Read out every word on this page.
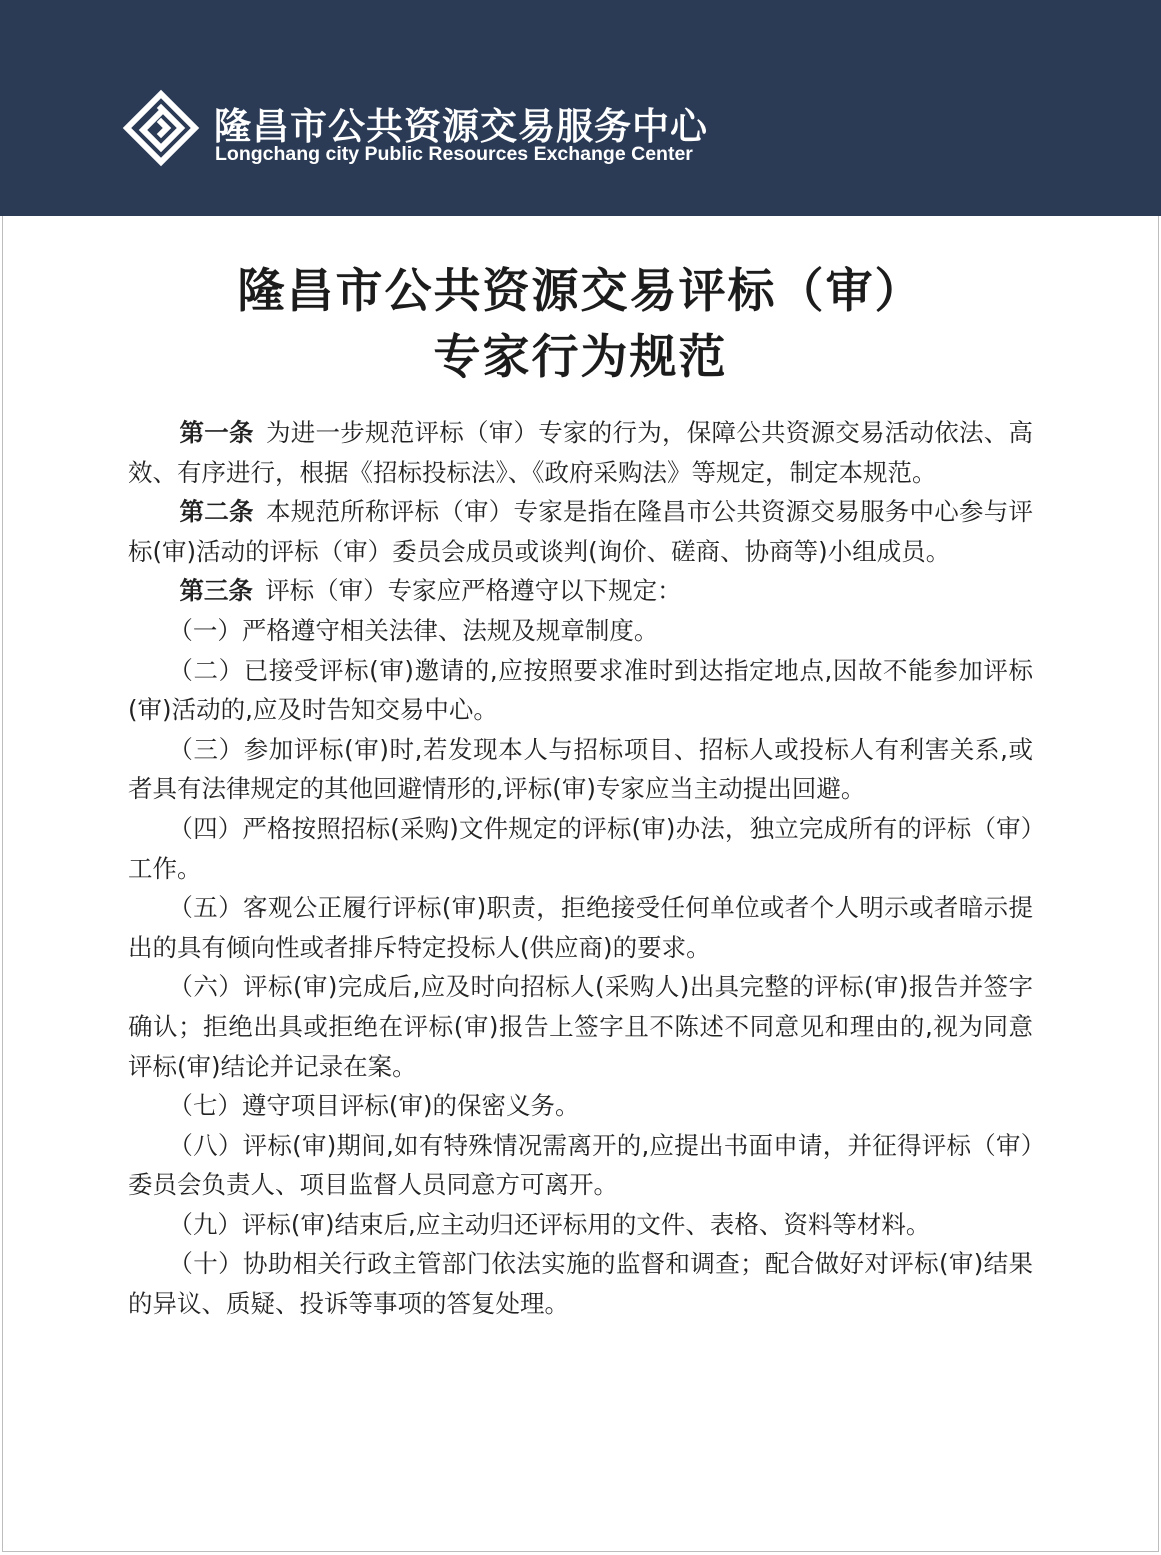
隆昌市公共资源交易服务中心
Longchang city Public Resources Exchange Center
隆昌市公共资源交易评标（审）
专家行为规范

第一条 为进一步规范评标（审）专家的行为，保障公共资源交易活动依法、高效、有序进行，根据《招标投标法》、《政府采购法》等规定，制定本规范。

第二条 本规范所称评标（审）专家是指在隆昌市公共资源交易服务中心参与评标(审)活动的评标（审）委员会成员或谈判(询价、磋商、协商等)小组成员。

第三条 评标（审）专家应严格遵守以下规定：

（一）严格遵守相关法律、法规及规章制度。

（二）已接受评标(审)邀请的,应按照要求准时到达指定地点,因故不能参加评标(审)活动的,应及时告知交易中心。

（三）参加评标(审)时,若发现本人与招标项目、招标人或投标人有利害关系,或者具有法律规定的其他回避情形的,评标(审)专家应当主动提出回避。

（四）严格按照招标(采购)文件规定的评标(审)办法，独立完成所有的评标（审）工作。

（五）客观公正履行评标(审)职责，拒绝接受任何单位或者个人明示或者暗示提出的具有倾向性或者排斥特定投标人(供应商)的要求。

（六）评标(审)完成后,应及时向招标人(采购人)出具完整的评标(审)报告并签字确认；拒绝出具或拒绝在评标(审)报告上签字且不陈述不同意见和理由的,视为同意评标(审)结论并记录在案。

（七）遵守项目评标(审)的保密义务。

（八）评标(审)期间,如有特殊情况需离开的,应提出书面申请，并征得评标（审）委员会负责人、项目监督人员同意方可离开。

（九）评标(审)结束后,应主动归还评标用的文件、表格、资料等材料。

（十）协助相关行政主管部门依法实施的监督和调查；配合做好对评标(审)结果的异议、质疑、投诉等事项的答复处理。
